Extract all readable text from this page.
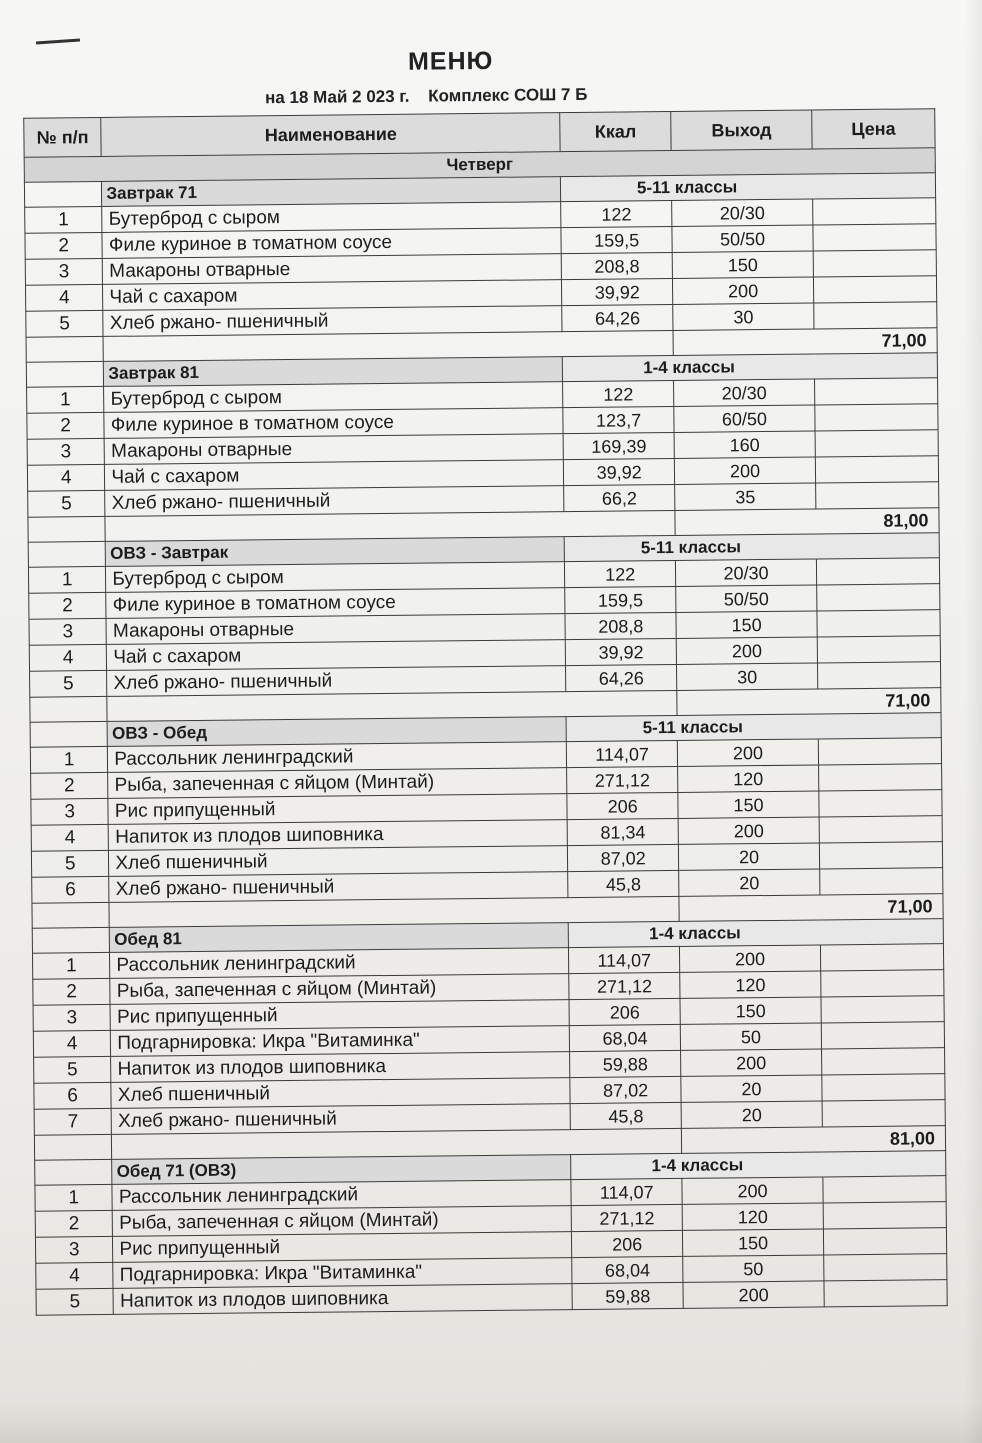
МЕНЮ
на 18 Май 2 023 г. Комплекс СОШ 7 Б
№ п/п	Наименование	Ккал	Выход	Цена
Четверг				
	Завтрак 71	5-11 классы		
1	Бутерброд с сыром	122	20/30	
2	Филе куриное в томатном соусе	159,5	50/50	
3	Макароны отварные	208,8	150	
4	Чай с сахаром	39,92	200	
5	Хлеб ржано- пшеничный	64,26	30	
			71,00	
	Завтрак 81	1-4 классы		
1	Бутерброд с сыром	122	20/30	
2	Филе куриное в томатном соусе	123,7	60/50	
3	Макароны отварные	169,39	160	
4	Чай с сахаром	39,92	200	
5	Хлеб ржано- пшеничный	66,2	35	
			81,00	
	ОВЗ - Завтрак	5-11 классы		
1	Бутерброд с сыром	122	20/30	
2	Филе куриное в томатном соусе	159,5	50/50	
3	Макароны отварные	208,8	150	
4	Чай с сахаром	39,92	200	
5	Хлеб ржано- пшеничный	64,26	30	
			71,00	
	ОВЗ - Обед	5-11 классы		
1	Рассольник ленинградский	114,07	200	
2	Рыба, запеченная с яйцом (Минтай)	271,12	120	
3	Рис припущенный	206	150	
4	Напиток из плодов шиповника	81,34	200	
5	Хлеб пшеничный	87,02	20	
6	Хлеб ржано- пшеничный	45,8	20	
			71,00	
	Обед 81	1-4 классы		
1	Рассольник ленинградский	114,07	200	
2	Рыба, запеченная с яйцом (Минтай)	271,12	120	
3	Рис припущенный	206	150	
4	Подгарнировка: Икра "Витаминка"	68,04	50	
5	Напиток из плодов шиповника	59,88	200	
6	Хлеб пшеничный	87,02	20	
7	Хлеб ржано- пшеничный	45,8	20	
			81,00	
	Обед 71 (ОВЗ)	1-4 классы		
1	Рассольник ленинградский	114,07	200	
2	Рыба, запеченная с яйцом (Минтай)	271,12	120	
3	Рис припущенный	206	150	
4	Подгарнировка: Икра "Витаминка"	68,04	50	
5	Напиток из плодов шиповника	59,88	200	
